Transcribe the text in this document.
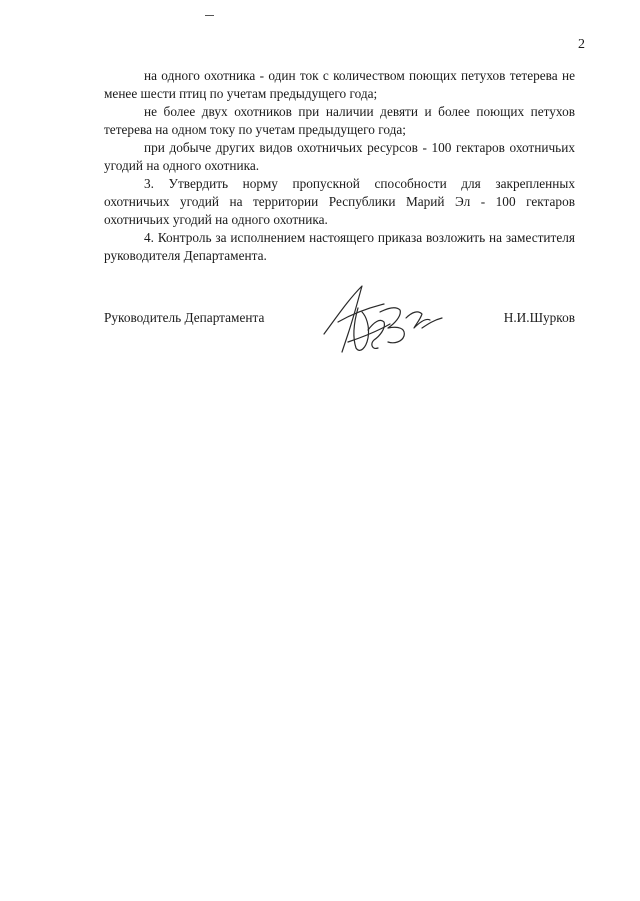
2

на одного охотника - один ток с количеством поющих петухов тетерева не менее шести птиц по учетам предыдущего года;

не более двух охотников при наличии девяти и более поющих петухов тетерева на одном току по учетам предыдущего года;

при добыче других видов охотничьих ресурсов - 100 гектаров охотничьих угодий на одного охотника.

3. Утвердить норму пропускной способности для закрепленных охотничьих угодий на территории Республики Марий Эл - 100 гектаров охотничьих угодий на одного охотника.

4. Контроль за исполнением настоящего приказа возложить на заместителя руководителя Департамента.

Руководитель Департамента	Н.И.Шурков
